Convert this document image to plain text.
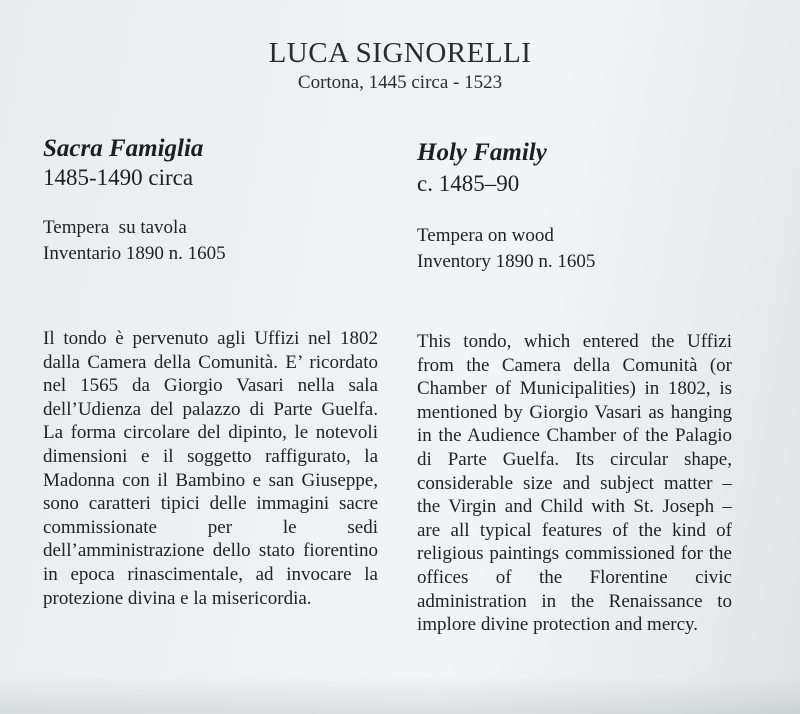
LUCA SIGNORELLI
Cortona, 1445 circa - 1523
Sacra Famiglia
1485-1490 circa
Tempera  su tavola
Inventario 1890 n. 1605
Il tondo è pervenuto agli Uffizi nel 1802 dalla Camera della Comunità. E’ ricordato nel 1565 da Giorgio Vasari nella sala dell’Udienza del palazzo di Parte Guelfa. La forma circolare del dipinto, le notevoli dimensioni e il soggetto raffigurato, la Madonna con il Bambino e san Giuseppe, sono caratteri tipici delle immagini sacre commissionate per le sedi dell’amministrazione dello stato fiorentino in epoca rinascimentale, ad invocare la protezione divina e la misericordia.
Holy Family
c. 1485–90
Tempera on wood
Inventory 1890 n. 1605
This tondo, which entered the Uffizi from the Camera della Comunità (or Chamber of Municipalities) in 1802, is mentioned by Giorgio Vasari as hanging in the Audience Chamber of the Palagio di Parte Guelfa. Its circular shape, considerable size and subject matter – the Virgin and Child with St. Joseph – are all typical features of the kind of religious paintings commissioned for the offices of the Florentine civic administration in the Renaissance to implore divine protection and mercy.
